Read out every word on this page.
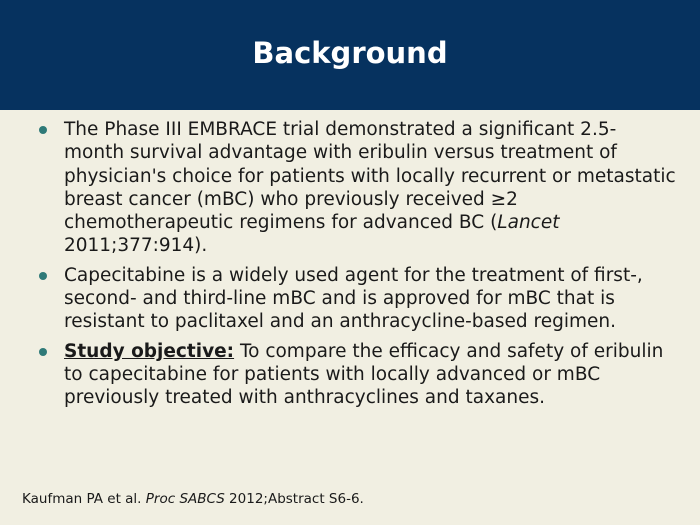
Background
The Phase III EMBRACE trial demonstrated a significant 2.5-month survival advantage with eribulin versus treatment of physician's choice for patients with locally recurrent or metastatic breast cancer (mBC) who previously received ≥2 chemotherapeutic regimens for advanced BC (Lancet 2011;377:914).
Capecitabine is a widely used agent for the treatment of first-, second- and third-line mBC and is approved for mBC that is resistant to paclitaxel and an anthracycline-based regimen.
Study objective: To compare the efficacy and safety of eribulin to capecitabine for patients with locally advanced or mBC previously treated with anthracyclines and taxanes.
Kaufman PA et al. Proc SABCS 2012;Abstract S6-6.
